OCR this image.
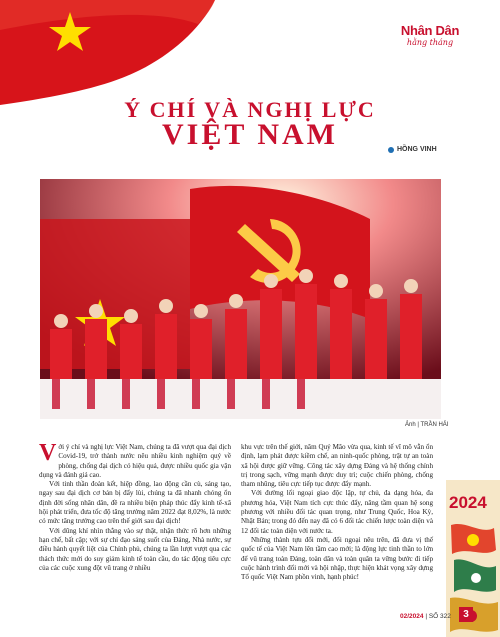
Nhân Dân
hằng tháng
Ý CHÍ VÀ NGHỊ LỰC
VIỆT NAM	HỒNG VINH
Ảnh | TRẦN HẢI

V ới ý chí và nghị lực Việt Nam, chúng ta đã vượt qua đại dịch Covid-19, trở thành nước nêu nhiều kinh nghiệm quý về phòng, chống đại dịch có hiệu quả, được nhiều quốc gia vận dụng và đánh giá cao.

Với tinh thần đoàn kết, hiệp đồng, lao động cần cù, sáng tạo, ngay sau đại dịch cơ bản bị đẩy lùi, chúng ta đã nhanh chóng ổn định đời sống nhân dân, đề ra nhiều biện pháp thúc đẩy kinh tế-xã hội phát triển, đưa tốc độ tăng trưởng năm 2022 đạt 8,02%, là nước có mức tăng trưởng cao trên thế giới sau đại dịch!

Với dũng khí nhìn thẳng vào sự thật, nhận thức rõ hơn những hạn chế, bất cập; với sự chỉ đạo sáng suốt của Đảng, Nhà nước, sự điều hành quyết liệt của Chính phủ, chúng ta lần lượt vượt qua các thách thức mới do suy giảm kinh tế toàn cầu, do tác động tiêu cực của các cuộc xung đột vũ trang ở nhiều

khu vực trên thế giới, năm Quý Mão vừa qua, kinh tế vĩ mô vẫn ổn định, lạm phát được kiềm chế, an ninh-quốc phòng, trật tự an toàn xã hội được giữ vững. Công tác xây dựng Đảng và hệ thống chính trị trong sạch, vững mạnh được duy trì; cuộc chiến phòng, chống tham nhũng, tiêu cực tiếp tục được đẩy mạnh.

Với đường lối ngoại giao độc lập, tự chủ, đa dạng hóa, đa phương hóa, Việt Nam tích cực thúc đẩy, nâng tầm quan hệ song phương với nhiều đối tác quan trọng, như Trung Quốc, Hoa Kỳ, Nhật Bản; trong đó đến nay đã có 6 đối tác chiến lược toàn diện và 12 đối tác toàn diện với nước ta.

Những thành tựu đổi mới, đổi ngoại nêu trên, đã đưa vị thế quốc tế của Việt Nam lên tầm cao mới; là động lực tinh thần to lớn để vũ trang toàn Đảng, toàn dân và toàn quân ta vững bước đi tiếp cuộc hành trình đổi mới và hội nhập, thực hiện khát vọng xây dựng Tổ quốc Việt Nam phồn vinh, hạnh phúc!

2024
02/2024 | SỐ 322	3
